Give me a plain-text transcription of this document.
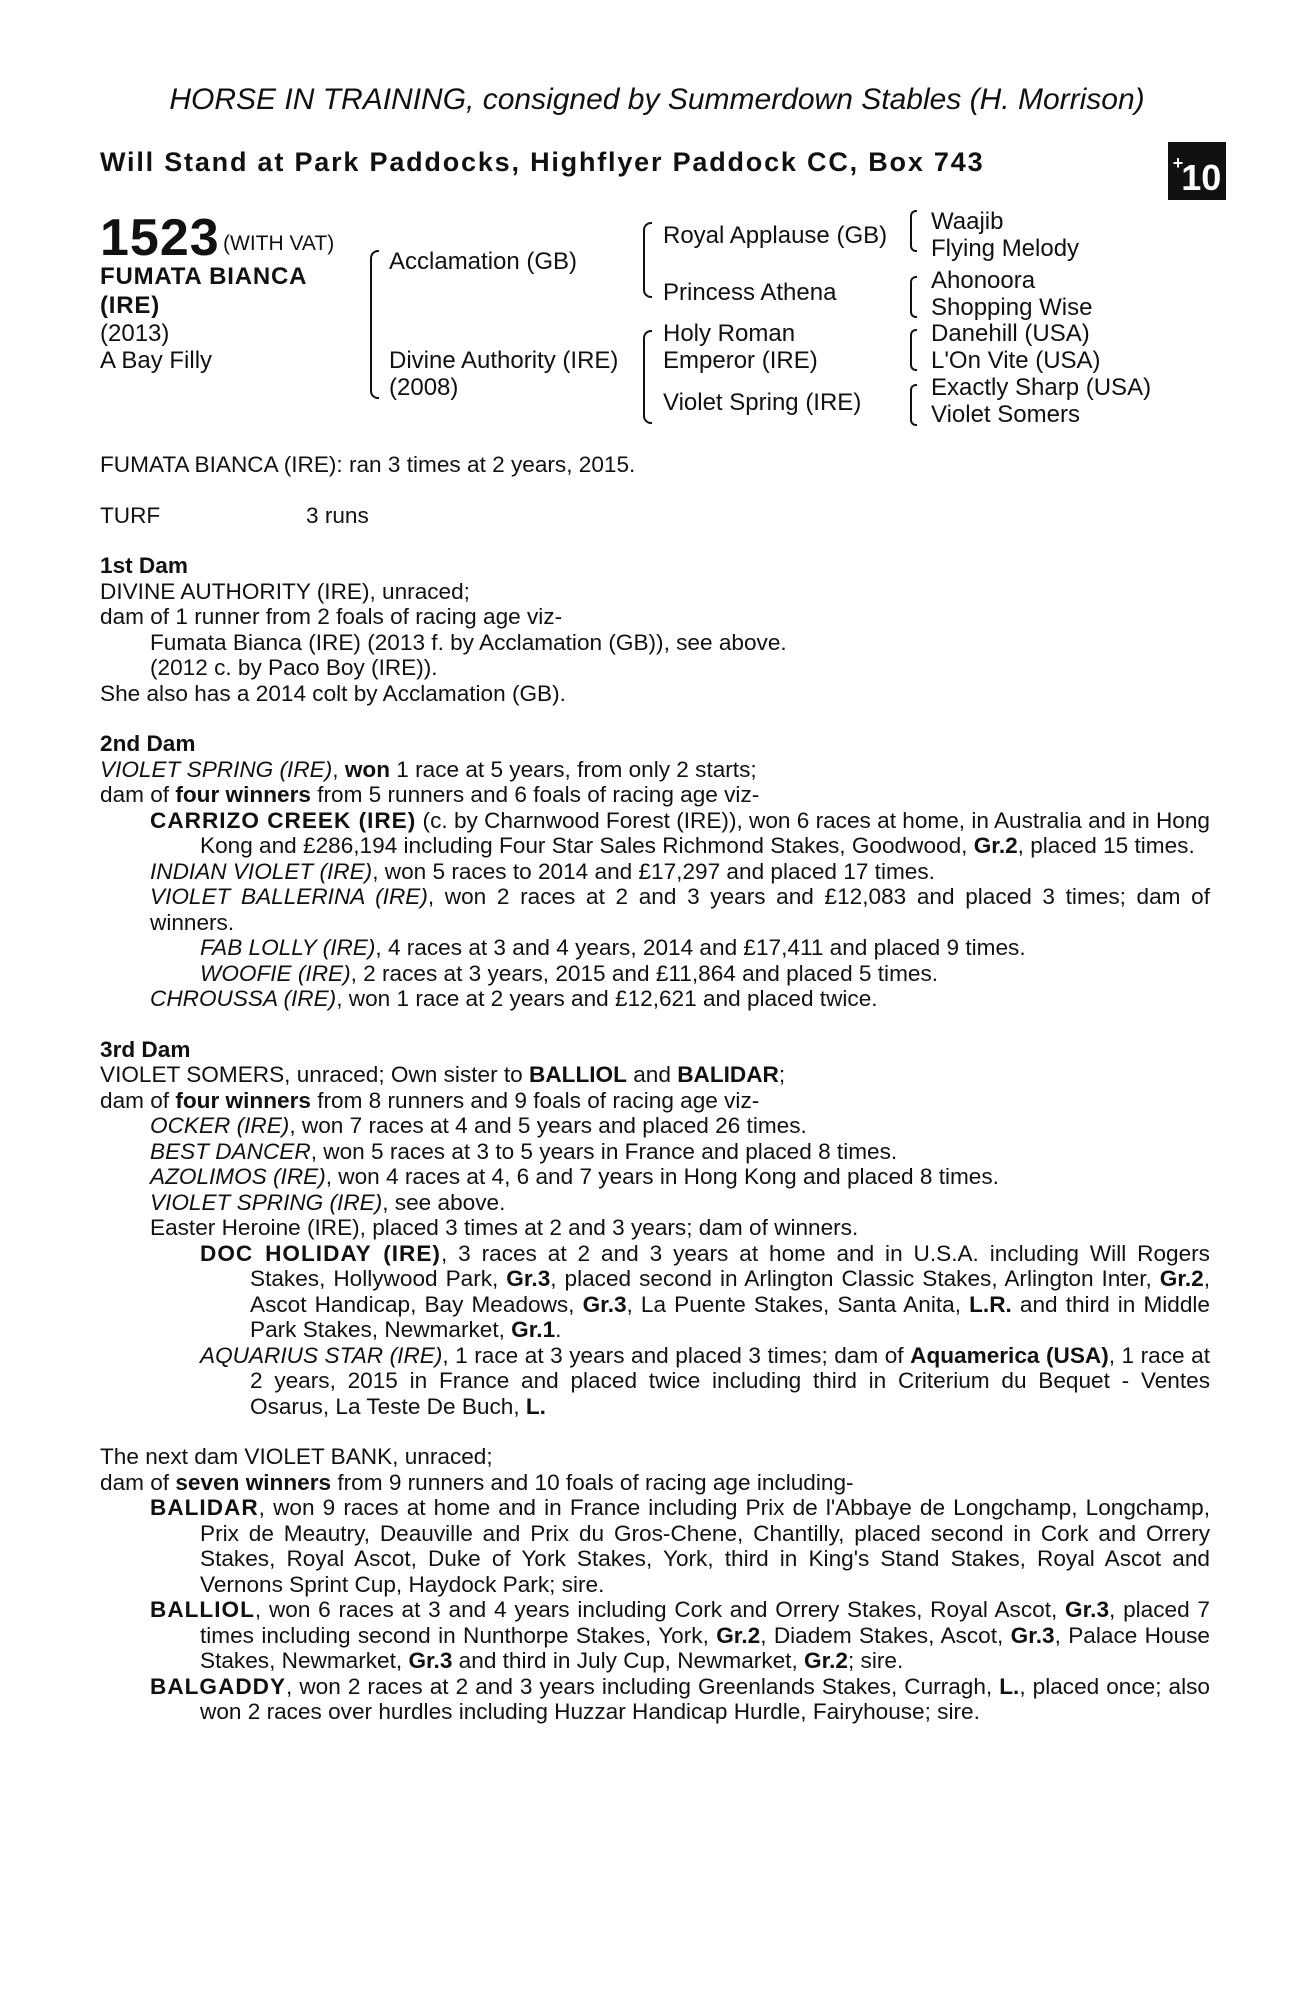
HORSE IN TRAINING, consigned by Summerdown Stables (H. Morrison)
Will Stand at Park Paddocks, Highflyer Paddock CC, Box 743	+10
1523 (WITH VAT)
FUMATA BIANCA
(IRE)
(2013)
A Bay Filly
Acclamation (GB)
Divine Authority (IRE)
(2008)
Royal Applause (GB)
Princess Athena
Holy Roman
Emperor (IRE)
Violet Spring (IRE)
Waajib
Flying Melody
Ahonoora
Shopping Wise
Danehill (USA)
L'On Vite (USA)
Exactly Sharp (USA)
Violet Somers
FUMATA BIANCA (IRE): ran 3 times at 2 years, 2015.
TURF	3 runs
1st Dam
DIVINE AUTHORITY (IRE), unraced;
dam of 1 runner from 2 foals of racing age viz-
Fumata Bianca (IRE) (2013 f. by Acclamation (GB)), see above.
(2012 c. by Paco Boy (IRE)).
She also has a 2014 colt by Acclamation (GB).
2nd Dam
VIOLET SPRING (IRE), won 1 race at 5 years, from only 2 starts;
dam of four winners from 5 runners and 6 foals of racing age viz-
CARRIZO CREEK (IRE) (c. by Charnwood Forest (IRE)), won 6 races at home, in Australia and in Hong Kong and £286,194 including Four Star Sales Richmond Stakes, Goodwood, Gr.2, placed 15 times.
INDIAN VIOLET (IRE), won 5 races to 2014 and £17,297 and placed 17 times.
VIOLET BALLERINA (IRE), won 2 races at 2 and 3 years and £12,083 and placed 3 times; dam of winners.
FAB LOLLY (IRE), 4 races at 3 and 4 years, 2014 and £17,411 and placed 9 times.
WOOFIE (IRE), 2 races at 3 years, 2015 and £11,864 and placed 5 times.
CHROUSSA (IRE), won 1 race at 2 years and £12,621 and placed twice.
3rd Dam
VIOLET SOMERS, unraced; Own sister to BALLIOL and BALIDAR;
dam of four winners from 8 runners and 9 foals of racing age viz-
OCKER (IRE), won 7 races at 4 and 5 years and placed 26 times.
BEST DANCER, won 5 races at 3 to 5 years in France and placed 8 times.
AZOLIMOS (IRE), won 4 races at 4, 6 and 7 years in Hong Kong and placed 8 times.
VIOLET SPRING (IRE), see above.
Easter Heroine (IRE), placed 3 times at 2 and 3 years; dam of winners.
DOC HOLIDAY (IRE), 3 races at 2 and 3 years at home and in U.S.A. including Will Rogers Stakes, Hollywood Park, Gr.3, placed second in Arlington Classic Stakes, Arlington Inter, Gr.2, Ascot Handicap, Bay Meadows, Gr.3, La Puente Stakes, Santa Anita, L.R. and third in Middle Park Stakes, Newmarket, Gr.1.
AQUARIUS STAR (IRE), 1 race at 3 years and placed 3 times; dam of Aquamerica (USA), 1 race at 2 years, 2015 in France and placed twice including third in Criterium du Bequet - Ventes Osarus, La Teste De Buch, L.
The next dam VIOLET BANK, unraced;
dam of seven winners from 9 runners and 10 foals of racing age including-
BALIDAR, won 9 races at home and in France including Prix de l'Abbaye de Longchamp, Longchamp, Prix de Meautry, Deauville and Prix du Gros-Chene, Chantilly, placed second in Cork and Orrery Stakes, Royal Ascot, Duke of York Stakes, York, third in King's Stand Stakes, Royal Ascot and Vernons Sprint Cup, Haydock Park; sire.
BALLIOL, won 6 races at 3 and 4 years including Cork and Orrery Stakes, Royal Ascot, Gr.3, placed 7 times including second in Nunthorpe Stakes, York, Gr.2, Diadem Stakes, Ascot, Gr.3, Palace House Stakes, Newmarket, Gr.3 and third in July Cup, Newmarket, Gr.2; sire.
BALGADDY, won 2 races at 2 and 3 years including Greenlands Stakes, Curragh, L., placed once; also won 2 races over hurdles including Huzzar Handicap Hurdle, Fairyhouse; sire.
